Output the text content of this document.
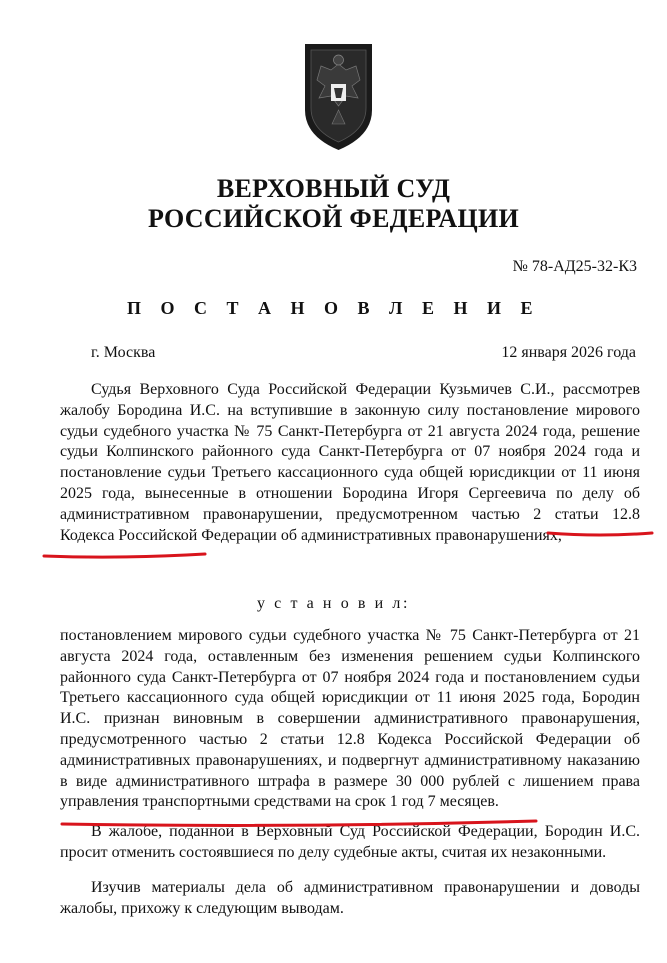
ВЕРХОВНЫЙ СУД
РОССИЙСКОЙ ФЕДЕРАЦИИ
№ 78-АД25-32-К3
П О С Т А Н О В Л Е Н И Е
г. Москва	12 января 2026 года
Судья Верховного Суда Российской Федерации Кузьмичев С.И., рассмотрев жалобу Бородина И.С. на вступившие в законную силу постановление мирового судьи судебного участка № 75 Санкт-Петербурга от 21 августа 2024 года, решение судьи Колпинского районного суда Санкт-Петербурга от 07 ноября 2024 года и постановление судьи Третьего кассационного суда общей юрисдикции от 11 июня 2025 года, вынесенные в отношении Бородина Игоря Сергеевича по делу об административном правонарушении, предусмотренном частью 2 статьи 12.8 Кодекса Российской Федерации об административных правонарушениях,
у с т а н о в и л:
постановлением мирового судьи судебного участка № 75 Санкт-Петербурга от 21 августа 2024 года, оставленным без изменения решением судьи Колпинского районного суда Санкт-Петербурга от 07 ноября 2024 года и постановлением судьи Третьего кассационного суда общей юрисдикции от 11 июня 2025 года, Бородин И.С. признан виновным в совершении административного правонарушения, предусмотренного частью 2 статьи 12.8 Кодекса Российской Федерации об административных правонарушениях, и подвергнут административному наказанию в виде административного штрафа в размере 30 000 рублей с лишением права управления транспортными средствами на срок 1 год 7 месяцев.
В жалобе, поданной в Верховный Суд Российской Федерации, Бородин И.С. просит отменить состоявшиеся по делу судебные акты, считая их незаконными.
Изучив материалы дела об административном правонарушении и доводы жалобы, прихожу к следующим выводам.
